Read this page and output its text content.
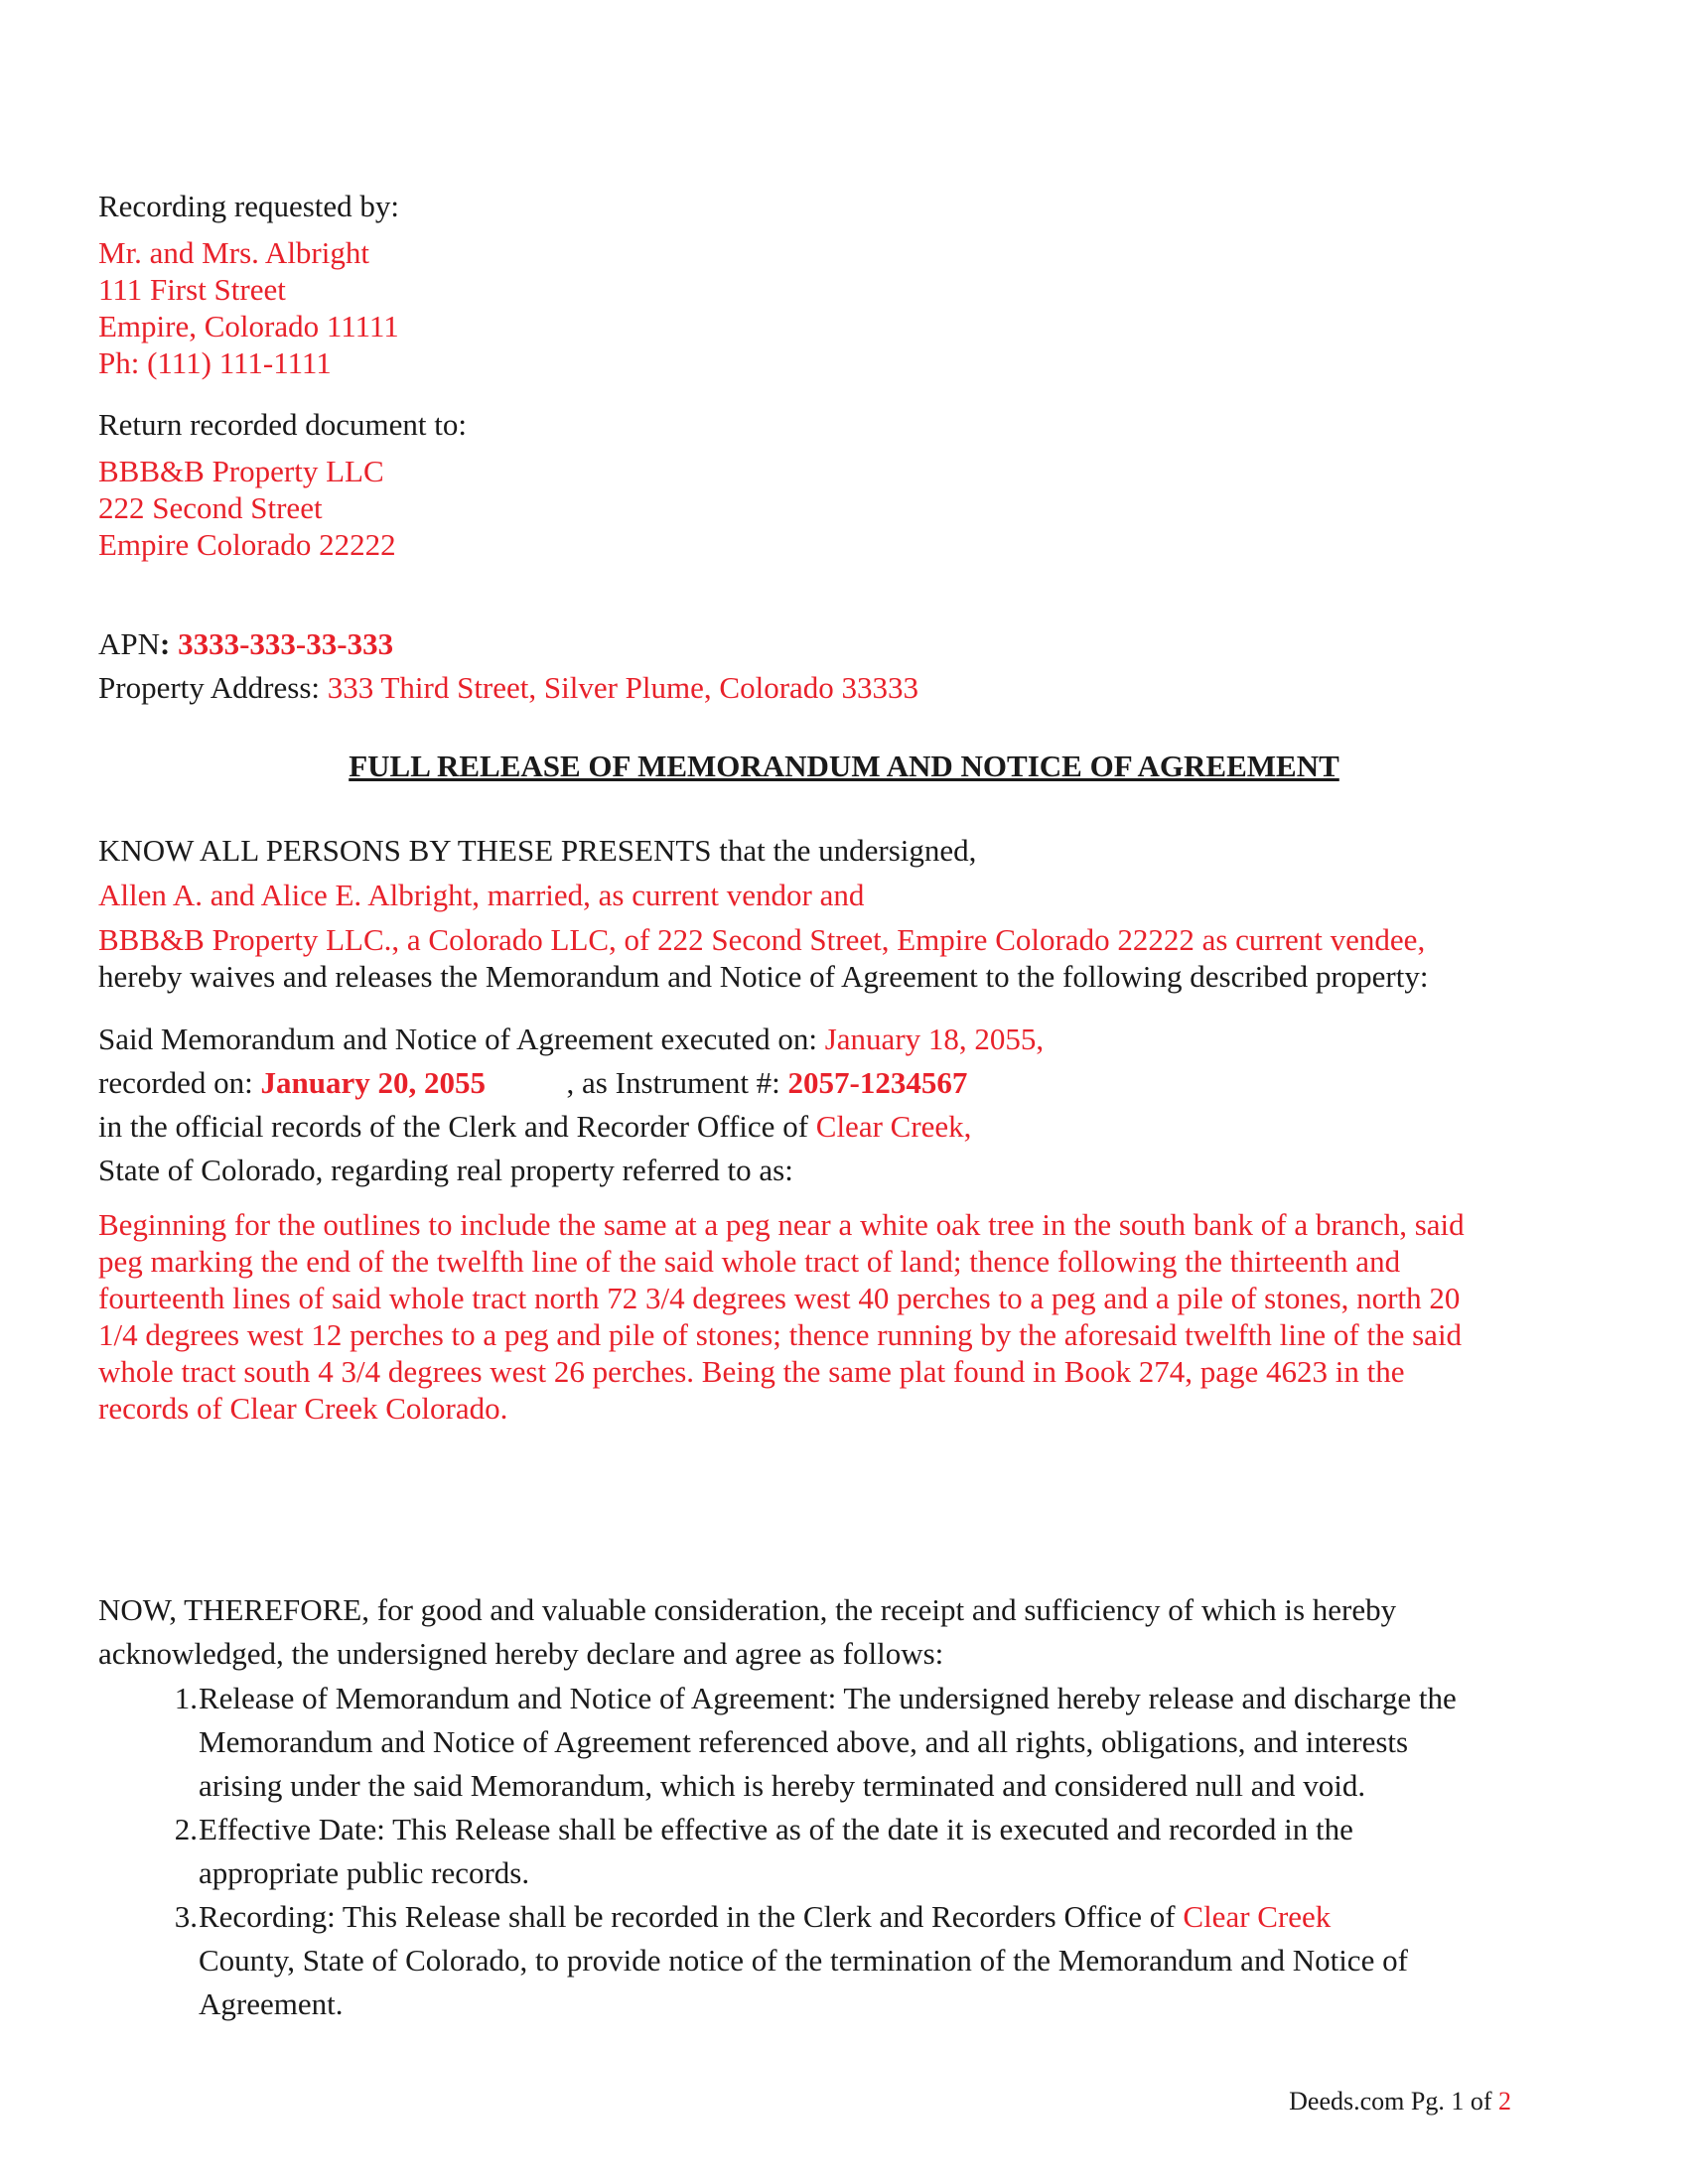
Recording requested by:
Mr. and Mrs. Albright
111 First Street
Empire, Colorado 11111
Ph: (111) 111-1111
Return recorded document to:
BBB&B Property LLC
222 Second Street
Empire Colorado 22222
APN: 3333-333-33-333
Property Address: 333 Third Street, Silver Plume, Colorado 33333
FULL RELEASE OF MEMORANDUM AND NOTICE OF AGREEMENT
KNOW ALL PERSONS BY THESE PRESENTS that the undersigned,
Allen A. and Alice E. Albright, married, as current vendor and
BBB&B Property LLC., a Colorado LLC, of 222 Second Street, Empire Colorado 22222 as current vendee,
hereby waives and releases the Memorandum and Notice of Agreement to the following described property:
Said Memorandum and Notice of Agreement executed on: January 18, 2055,
recorded on: January 20, 2055	, as Instrument #: 2057-1234567
in the official records of the Clerk and Recorder Office of Clear Creek,
State of Colorado, regarding real property referred to as:
Beginning for the outlines to include the same at a peg near a white oak tree in the south bank of a branch, said
peg marking the end of the twelfth line of the said whole tract of land; thence following the thirteenth and
fourteenth lines of said whole tract north 72 3/4 degrees west 40 perches to a peg and a pile of stones, north 20
1/4 degrees west 12 perches to a peg and pile of stones; thence running by the aforesaid twelfth line of the said
whole tract south 4 3/4 degrees west 26 perches. Being the same plat found in Book 274, page 4623 in the
records of Clear Creek Colorado.
NOW, THEREFORE, for good and valuable consideration, the receipt and sufficiency of which is hereby
acknowledged, the undersigned hereby declare and agree as follows:
1. Release of Memorandum and Notice of Agreement: The undersigned hereby release and discharge the
Memorandum and Notice of Agreement referenced above, and all rights, obligations, and interests
arising under the said Memorandum, which is hereby terminated and considered null and void.
2. Effective Date: This Release shall be effective as of the date it is executed and recorded in the
appropriate public records.
3. Recording: This Release shall be recorded in the Clerk and Recorders Office of Clear Creek
County, State of Colorado, to provide notice of the termination of the Memorandum and Notice of
Agreement.
Deeds.com Pg. 1 of 2
